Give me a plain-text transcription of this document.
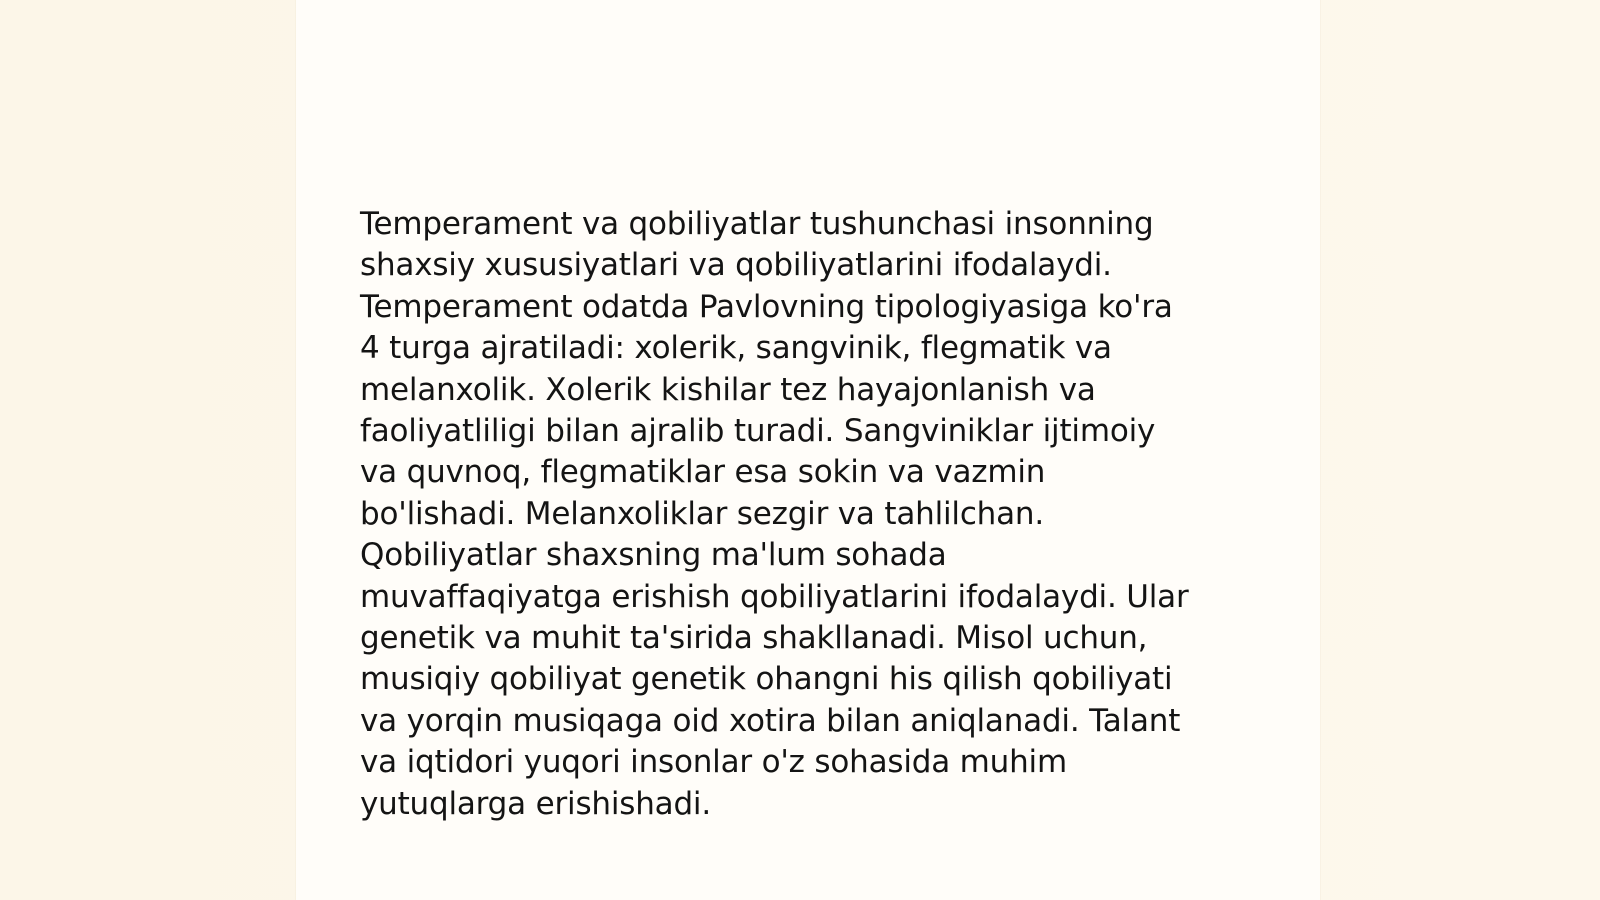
Temperament va qobiliyatlar tushunchasi insonning
shaxsiy xususiyatlari va qobiliyatlarini ifodalaydi.
Temperament odatda Pavlovning tipologiyasiga ko'ra
4 turga ajratiladi: xolerik, sangvinik, flegmatik va
melanxolik. Xolerik kishilar tez hayajonlanish va
faoliyatliligi bilan ajralib turadi. Sangviniklar ijtimoiy
va quvnoq, flegmatiklar esa sokin va vazmin
bo'lishadi. Melanxoliklar sezgir va tahlilchan.
Qobiliyatlar shaxsning ma'lum sohada
muvaffaqiyatga erishish qobiliyatlarini ifodalaydi. Ular
genetik va muhit ta'sirida shakllanadi. Misol uchun,
musiqiy qobiliyat genetik ohangni his qilish qobiliyati
va yorqin musiqaga oid xotira bilan aniqlanadi. Talant
va iqtidori yuqori insonlar o'z sohasida muhim
yutuqlarga erishishadi.
